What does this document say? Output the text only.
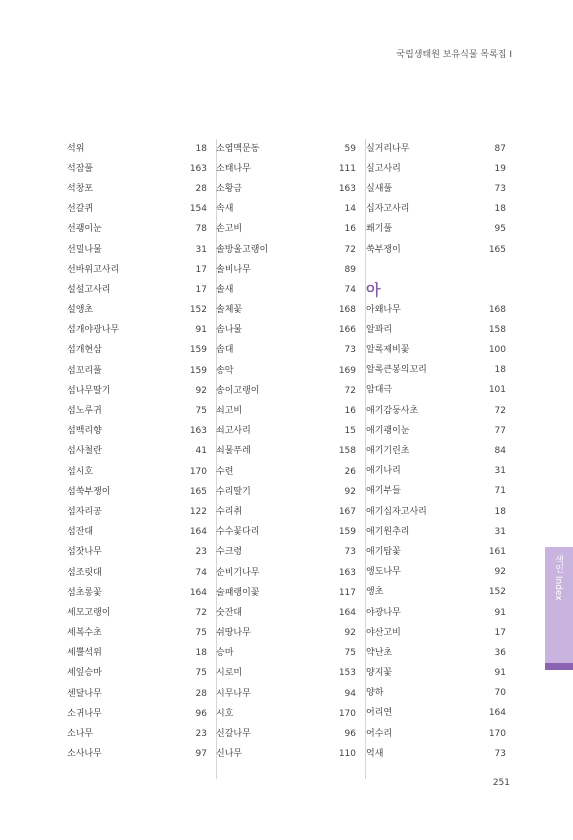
국립생태원 보유식물 목록집 Ⅰ
석위	18
석잠풀	163
석창포	28
선갈퀴	154
선괭이눈	78
선밀나물	31
선바위고사리	17
설설고사리	17
설앵초	152
섬개야광나무	91
섬개현삼	159
섬꼬리풀	159
섬나무딸기	92
섬노루귀	75
섬백리향	163
섬사철란	41
섬시호	170
섬쑥부쟁이	165
섬자리공	122
섬잔대	164
섬잣나무	23
섬조릿대	74
섬초롱꽃	164
세모고랭이	72
세복수초	75
세뿔석위	18
세잎승마	75
센달나무	28
소귀나무	96
소나무	23
소사나무	97
소엽맥문동	59
소태나무	111
소황금	163
속새	14
손고비	16
솔방울고랭이	72
솔비나무	89
솔새	74
솔체꽃	168
솜나물	166
솜대	73
송악	169
송이고랭이	72
쇠고비	16
쇠고사리	15
쇠물푸레	158
수련	26
수리딸기	92
수리취	167
수수꽃다리	159
수크령	73
순비기나무	163
술패랭이꽃	117
숫잔대	164
쉬땅나무	92
승마	75
시로미	153
시무나무	94
시호	170
신갈나무	96
신나무	110
실거리나무	87
실고사리	19
실새풀	73
십자고사리	18
쐐기풀	95
쑥부쟁이	165
아
아왜나무	168
알꽈리	158
알록제비꽃	100
알록큰봉의꼬리	18
암대극	101
애기감둥사초	72
애기괭이눈	77
애기기린초	84
애기나리	31
애기부들	71
애기십자고사리	18
애기원추리	31
애기탑꽃	161
앵도나무	92
앵초	152
야광나무	91
야산고비	17
약난초	36
양지꽃	91
양하	70
어리연	164
어수리	170
억새	73
색인 Index
251
